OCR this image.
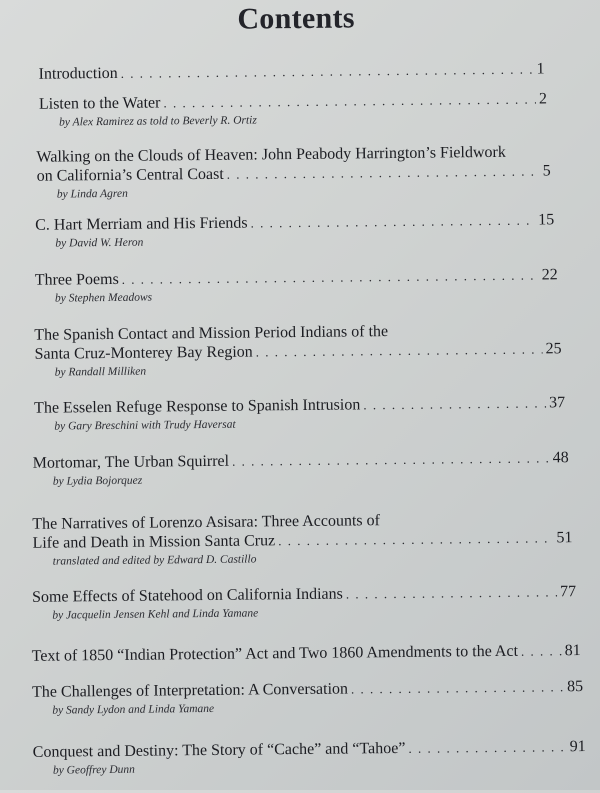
Contents
Introduction . . .	1
Listen to the Water . . .	2
by Alex Ramirez as told to Beverly R. Ortiz
Walking on the Clouds of Heaven: John Peabody Harrington’s Fieldwork
on California’s Central Coast . . .	5
by Linda Agren
C. Hart Merriam and His Friends . . .	15
by David W. Heron
Three Poems . . .	22
by Stephen Meadows
The Spanish Contact and Mission Period Indians of the
Santa Cruz-Monterey Bay Region . . .	25
by Randall Milliken
The Esselen Refuge Response to Spanish Intrusion . . .	37
by Gary Breschini with Trudy Haversat
Mortomar, The Urban Squirrel . . .	48
by Lydia Bojorquez
The Narratives of Lorenzo Asisara: Three Accounts of
Life and Death in Mission Santa Cruz . . .	51
translated and edited by Edward D. Castillo
Some Effects of Statehood on California Indians . . .	77
by Jacquelin Jensen Kehl and Linda Yamane
Text of 1850 “Indian Protection” Act and Two 1860 Amendments to the Act . . .	81
The Challenges of Interpretation: A Conversation . . .	85
by Sandy Lydon and Linda Yamane
Conquest and Destiny: The Story of “Cache” and “Tahoe” . . .	91
by Geoffrey Dunn
